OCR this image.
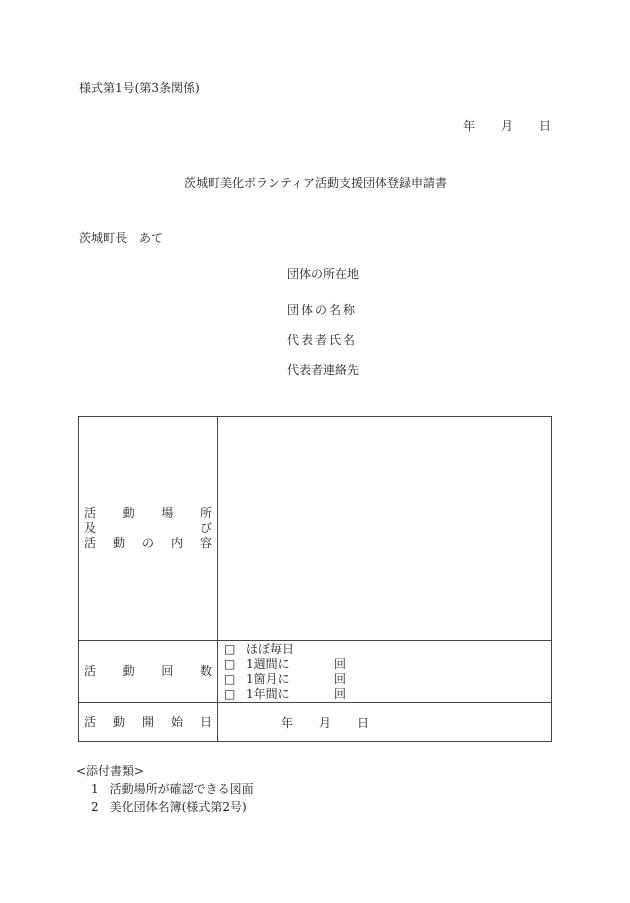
様式第1号(第3条関係)
年 月 日
茨城町美化ボランティア活動支援団体登録申請書
茨城町長　あて
団体の所在地
団体の名称
代表者氏名
代表者連絡先
活動場所
及び
活動の内容	

活動回数	□ ほぼ毎日
□ 1週間に 回
□ 1箇月に 回
□ 1年間に 回

活動開始日	年 月 日
<添付書類>
1 活動場所が確認できる図面
2 美化団体名簿(様式第2号)
